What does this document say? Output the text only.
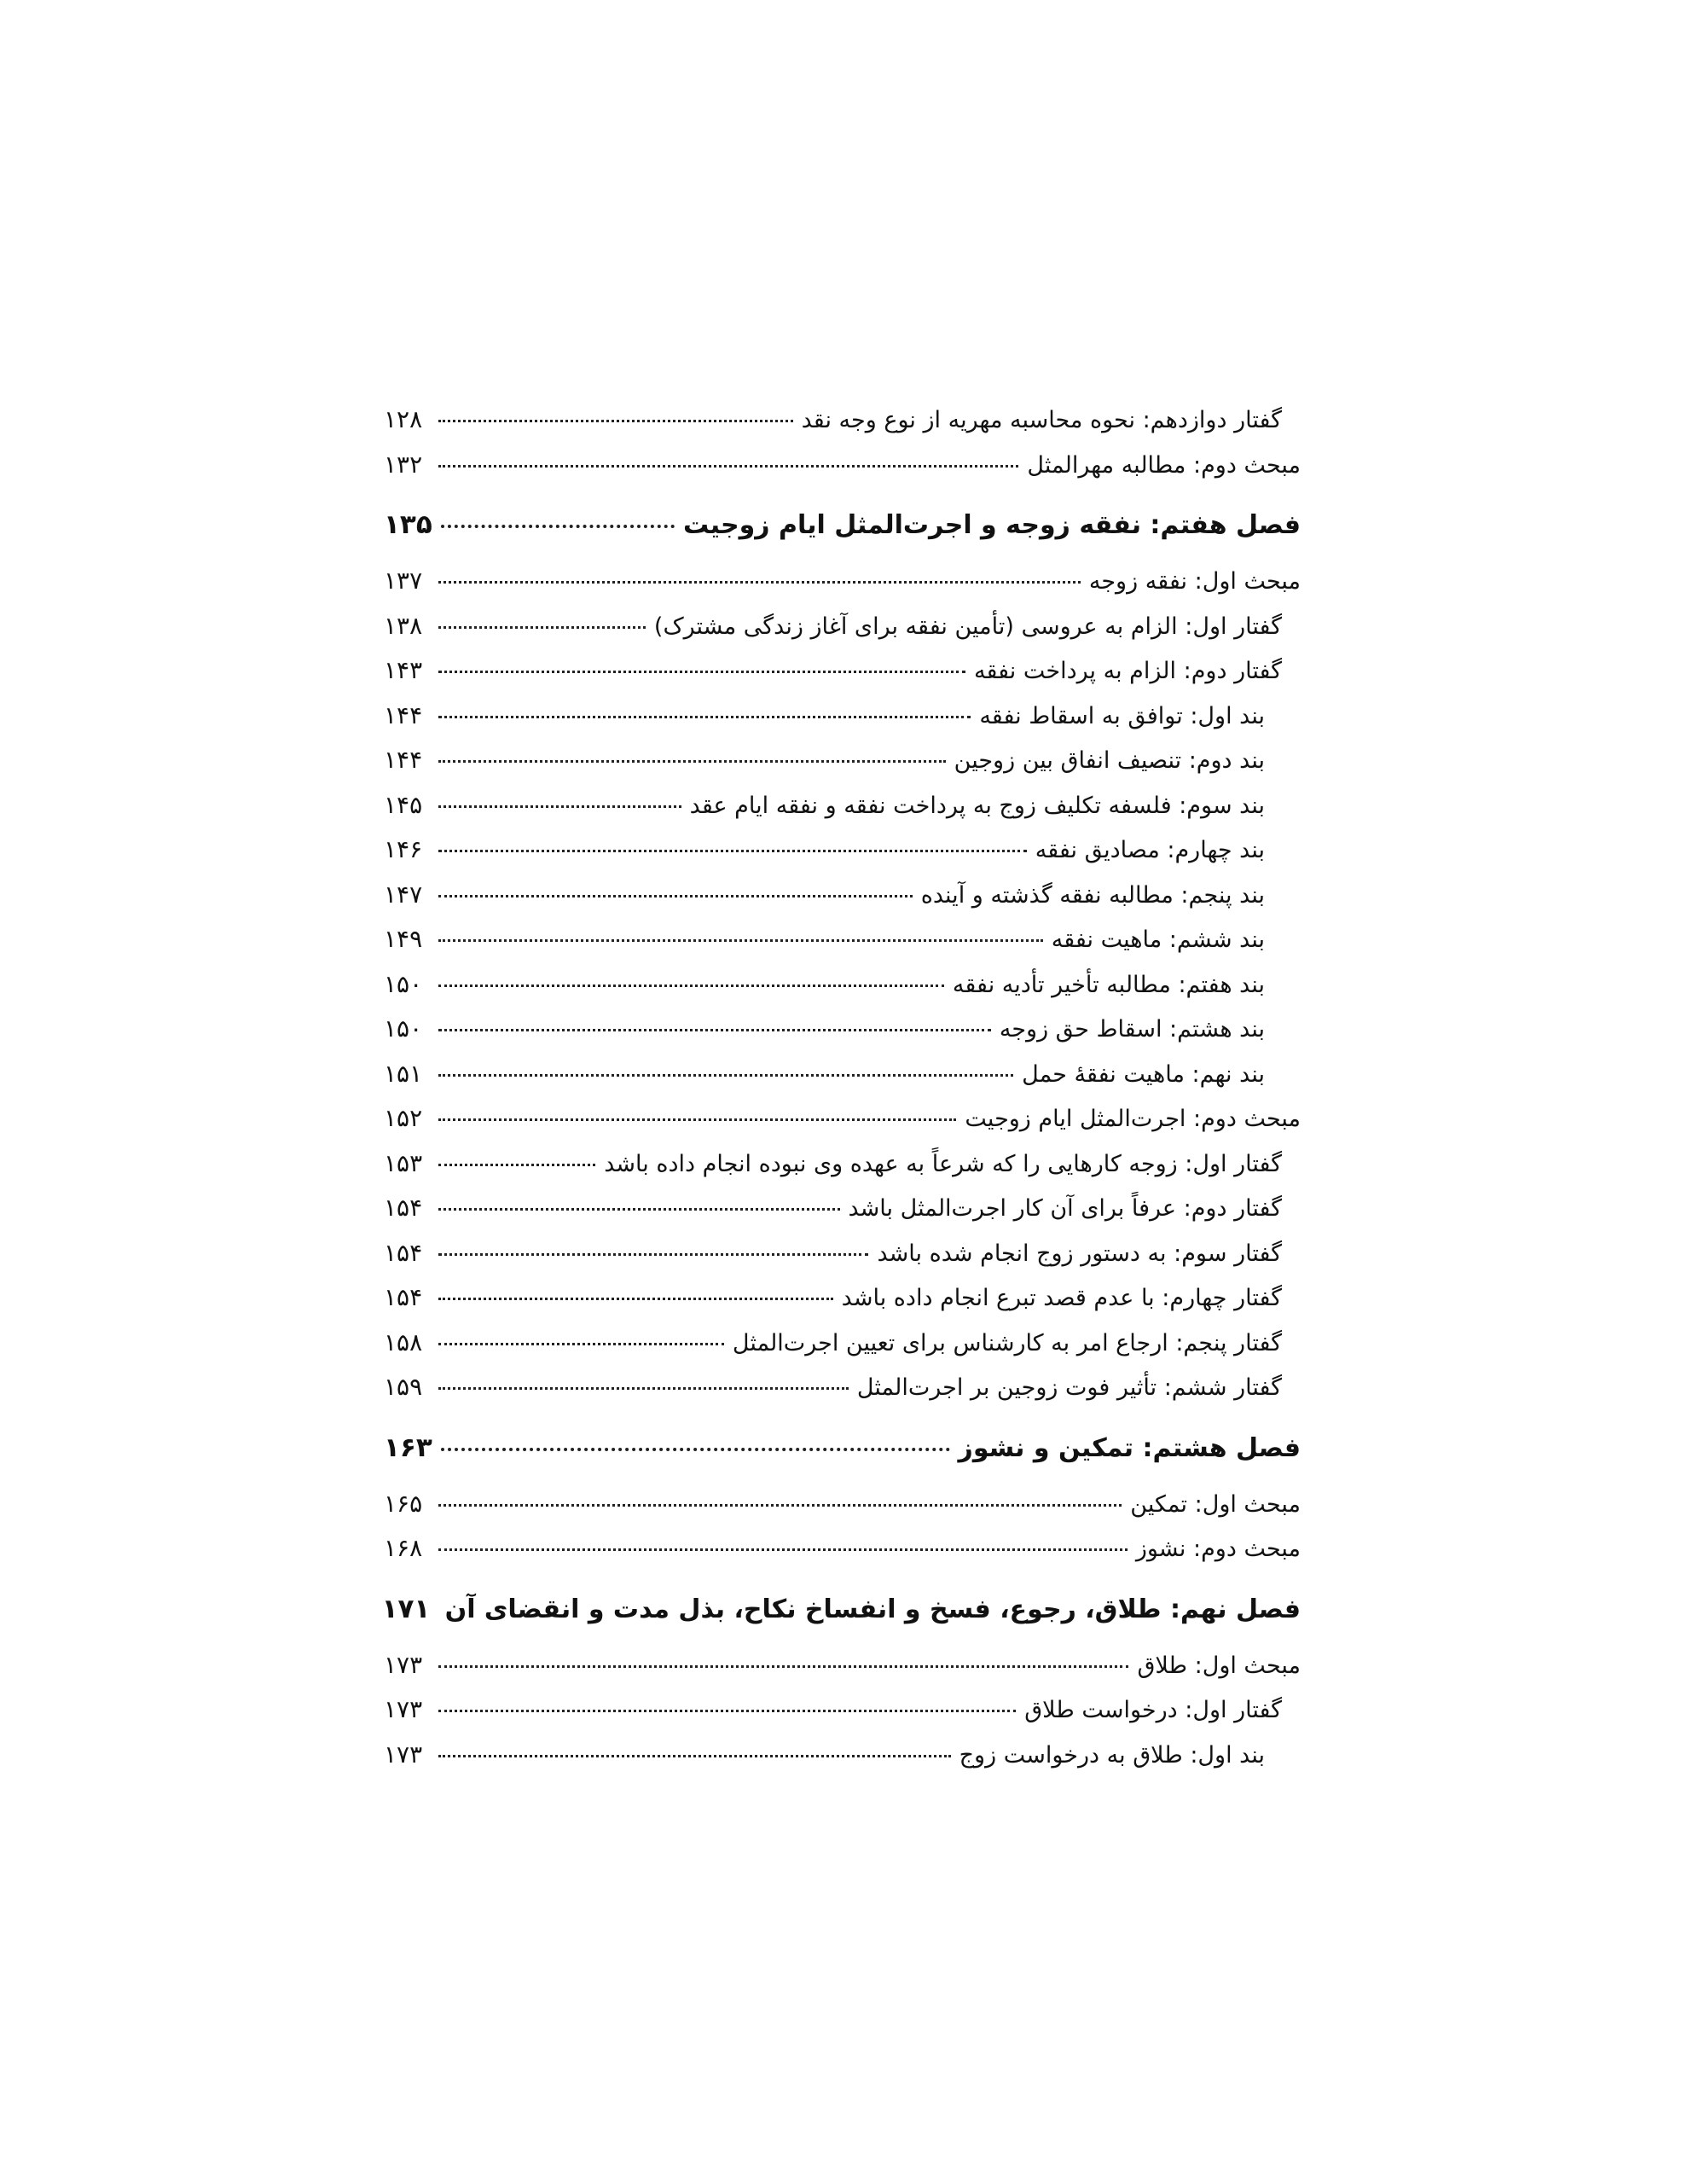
گفتار دوازدهم: نحوه محاسبه مهریه از نوع وجه نقد
۱۲۸
مبحث دوم: مطالبه مهرالمثل
۱۳۲
فصل هفتم: نفقه زوجه و اجرت‌المثل ایام زوجیت
۱۳۵
مبحث اول: نفقه زوجه
۱۳۷
گفتار اول: الزام به عروسی (تأمین نفقه برای آغاز زندگی مشترک)
۱۳۸
گفتار دوم: الزام به پرداخت نفقه
۱۴۳
بند اول: توافق به اسقاط نفقه
۱۴۴
بند دوم: تنصیف انفاق بین زوجین
۱۴۴
بند سوم: فلسفه تکلیف زوج به پرداخت نفقه و نفقه ایام عقد
۱۴۵
بند چهارم: مصادیق نفقه
۱۴۶
بند پنجم: مطالبه نفقه گذشته و آینده
۱۴۷
بند ششم: ماهیت نفقه
۱۴۹
بند هفتم: مطالبه تأخیر تأدیه نفقه
۱۵۰
بند هشتم: اسقاط حق زوجه
۱۵۰
بند نهم: ماهیت نفقهٔ حمل
۱۵۱
مبحث دوم: اجرت‌المثل ایام زوجیت
۱۵۲
گفتار اول: زوجه کارهایی را که شرعاً به عهده وی نبوده انجام داده باشد
۱۵۳
گفتار دوم: عرفاً برای آن کار اجرت‌المثل باشد
۱۵۴
گفتار سوم: به دستور زوج انجام شده باشد
۱۵۴
گفتار چهارم: با عدم قصد تبرع انجام داده باشد
۱۵۴
گفتار پنجم: ارجاع امر به کارشناس برای تعیین اجرت‌المثل
۱۵۸
گفتار ششم: تأثیر فوت زوجین بر اجرت‌المثل
۱۵۹
فصل هشتم: تمکین و نشوز
۱۶۳
مبحث اول: تمکین
۱۶۵
مبحث دوم: نشوز
۱۶۸
فصل نهم: طلاق، رجوع، فسخ و انفساخ نکاح، بذل مدت و انقضای آن
۱۷۱
مبحث اول: طلاق
۱۷۳
گفتار اول: درخواست طلاق
۱۷۳
بند اول: طلاق به درخواست زوج
۱۷۳
